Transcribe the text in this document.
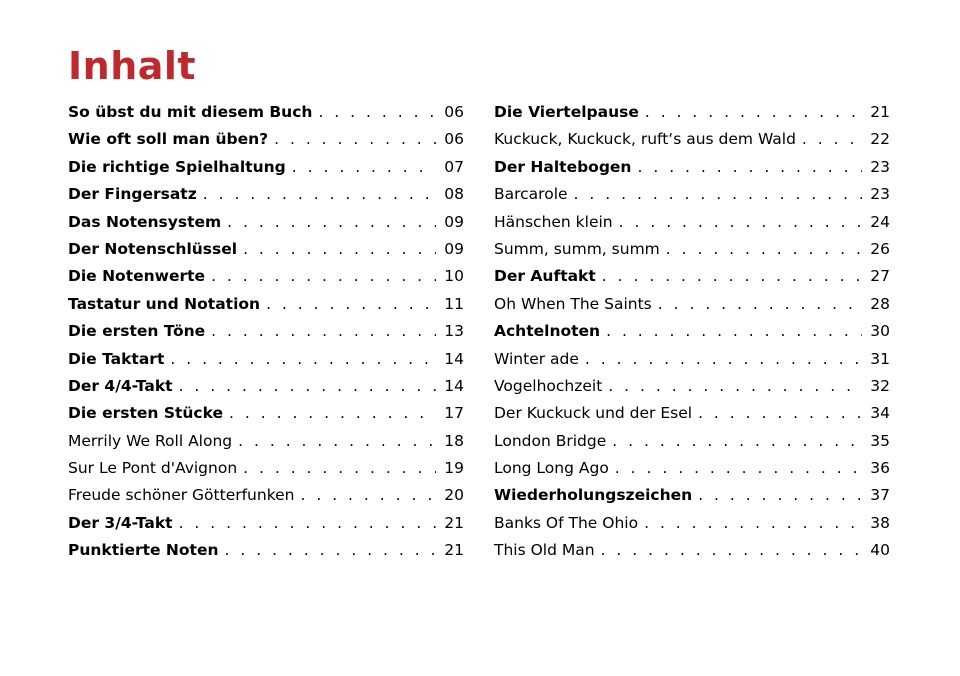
Inhalt
So übst du mit diesem Buch . . .	06
Wie oft soll man üben? . . .	06
Die richtige Spielhaltung . . .	07
Der Fingersatz . . .	08
Das Notensystem . . .	09
Der Notenschlüssel . . .	09
Die Notenwerte . . .	10
Tastatur und Notation . . .	11
Die ersten Töne . . .	13
Die Taktart . . .	14
Der 4/4-Takt . . .	14
Die ersten Stücke . . .	17
Merrily We Roll Along . . .	18
Sur Le Pont d'Avignon . . .	19
Freude schöner Götterfunken . . .	20
Der 3/4-Takt . . .	21
Punktierte Noten . . .	21
Die Viertelpause . . .	21
Kuckuck, Kuckuck, ruft‘s aus dem Wald . . .	22
Der Haltebogen . . .	23
Barcarole . . .	23
Hänschen klein . . .	24
Summ, summ, summ . . .	26
Der Auftakt . . .	27
Oh When The Saints . . .	28
Achtelnoten . . .	30
Winter ade . . .	31
Vogelhochzeit . . .	32
Der Kuckuck und der Esel . . .	34
London Bridge . . .	35
Long Long Ago . . .	36
Wiederholungszeichen . . .	37
Banks Of The Ohio . . .	38
This Old Man . . .	40
